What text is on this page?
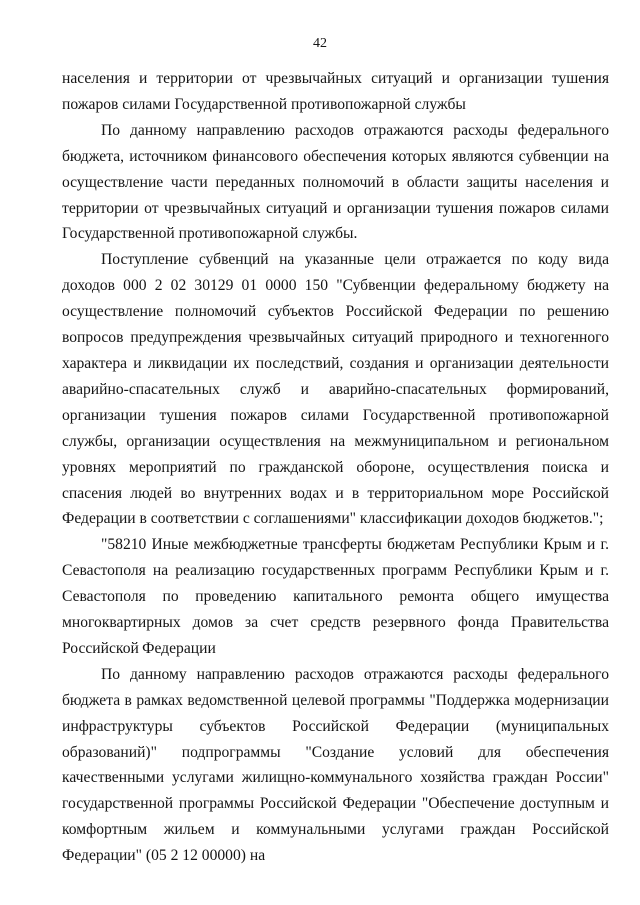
42

населения и территории от чрезвычайных ситуаций и организации тушения пожаров силами Государственной противопожарной службы

По данному направлению расходов отражаются расходы федерального бюджета, источником финансового обеспечения которых являются субвенции на осуществление части переданных полномочий в области защиты населения и территории от чрезвычайных ситуаций и организации тушения пожаров силами Государственной противопожарной службы.

Поступление субвенций на указанные цели отражается по коду вида доходов 000 2 02 30129 01 0000 150 "Субвенции федеральному бюджету на осуществление полномочий субъектов Российской Федерации по решению вопросов предупреждения чрезвычайных ситуаций природного и техногенного характера и ликвидации их последствий, создания и организации деятельности аварийно-спасательных служб и аварийно-спасательных формирований, организации тушения пожаров силами Государственной противопожарной службы, организации осуществления на межмуниципальном и региональном уровнях мероприятий по гражданской обороне, осуществления поиска и спасения людей во внутренних водах и в территориальном море Российской Федерации в соответствии с соглашениями" классификации доходов бюджетов.";

"58210 Иные межбюджетные трансферты бюджетам Республики Крым и г. Севастополя на реализацию государственных программ Республики Крым и г. Севастополя по проведению капитального ремонта общего имущества многоквартирных домов за счет средств резервного фонда Правительства Российской Федерации

По данному направлению расходов отражаются расходы федерального бюджета в рамках ведомственной целевой программы "Поддержка модернизации инфраструктуры субъектов Российской Федерации (муниципальных образований)" подпрограммы "Создание условий для обеспечения качественными услугами жилищно-коммунального хозяйства граждан России" государственной программы Российской Федерации "Обеспечение доступным и комфортным жильем и коммунальными услугами граждан Российской Федерации" (05 2 12 00000) на
